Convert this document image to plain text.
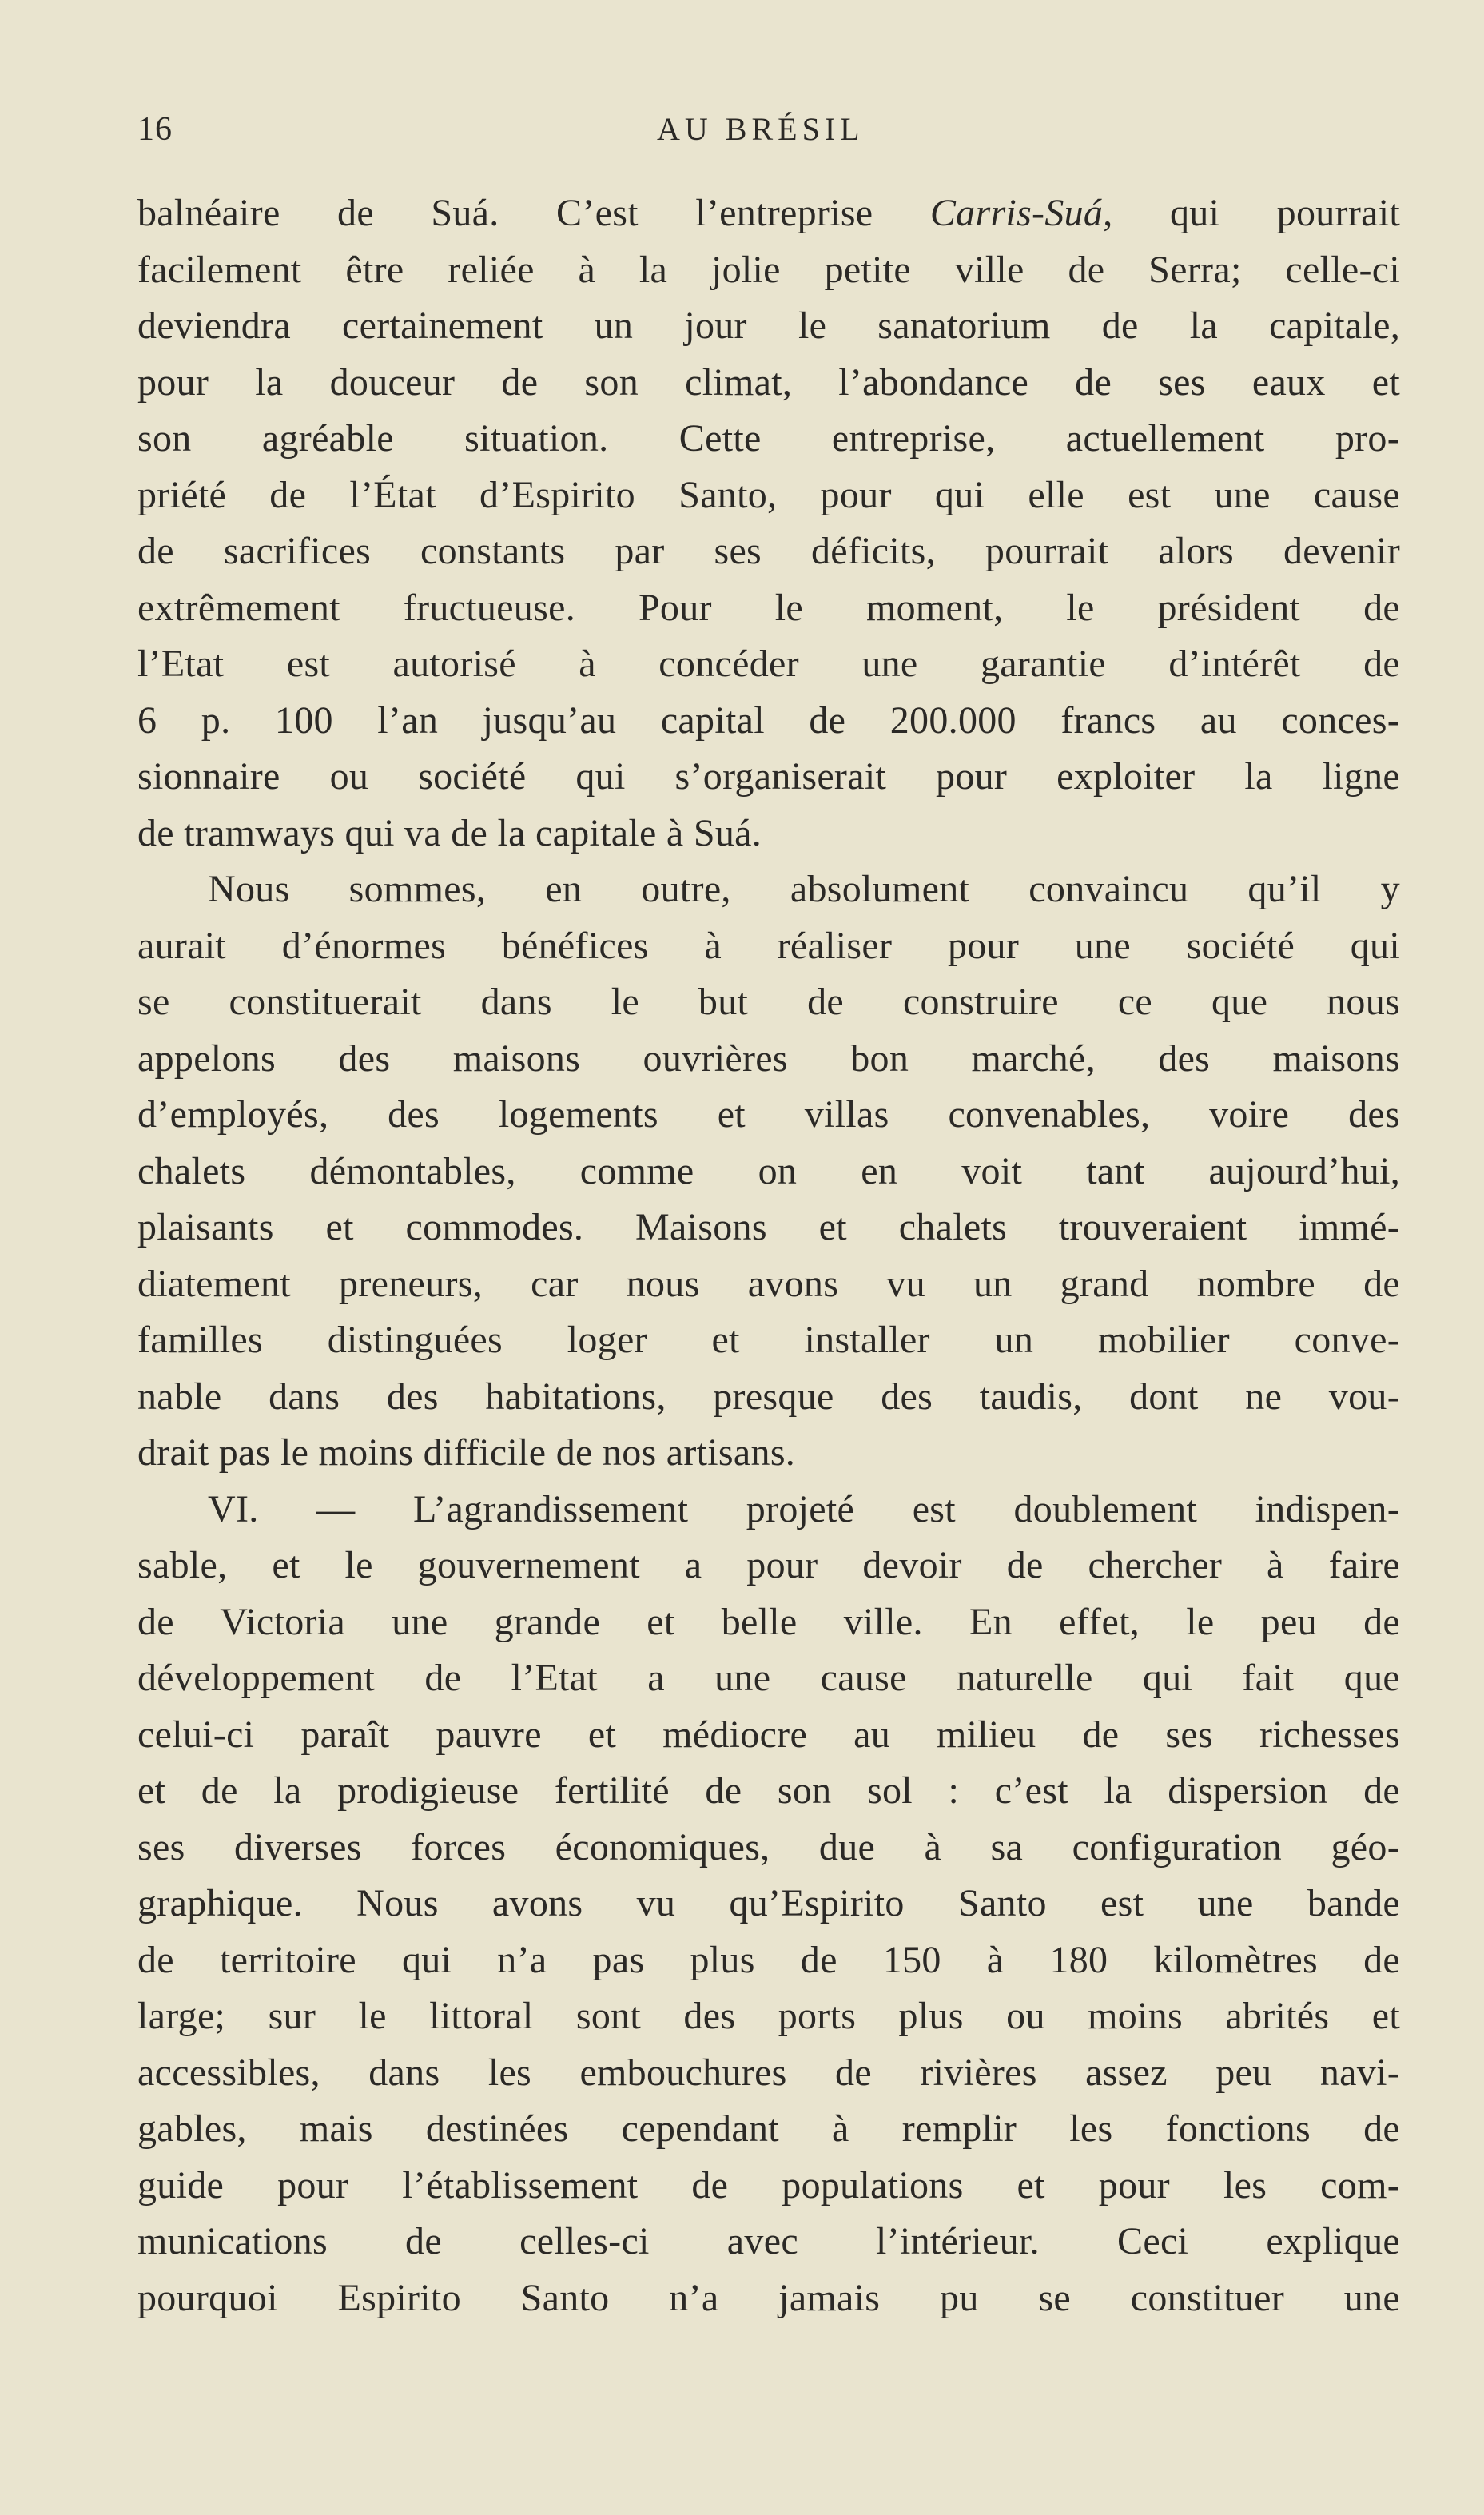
16	AU BRÉSIL
balnéaire de Suá. C’est l’entreprise Carris-Suá, qui pourrait
facilement être reliée à la jolie petite ville de Serra; celle-ci
deviendra certainement un jour le sanatorium de la capitale,
pour la douceur de son climat, l’abondance de ses eaux et
son agréable situation. Cette entreprise, actuellement pro-
priété de l’État d’Espirito Santo, pour qui elle est une cause
de sacrifices constants par ses déficits, pourrait alors devenir
extrêmement fructueuse. Pour le moment, le président de
l’Etat est autorisé à concéder une garantie d’intérêt de
6 p. 100 l’an jusqu’au capital de 200.000 francs au conces-
sionnaire ou société qui s’organiserait pour exploiter la ligne
de tramways qui va de la capitale à Suá.
Nous sommes, en outre, absolument convaincu qu’il y
aurait d’énormes bénéfices à réaliser pour une société qui
se constituerait dans le but de construire ce que nous
appelons des maisons ouvrières bon marché, des maisons
d’employés, des logements et villas convenables, voire des
chalets démontables, comme on en voit tant aujourd’hui,
plaisants et commodes. Maisons et chalets trouveraient immé-
diatement preneurs, car nous avons vu un grand nombre de
familles distinguées loger et installer un mobilier conve-
nable dans des habitations, presque des taudis, dont ne vou-
drait pas le moins difficile de nos artisans.
VI. — L’agrandissement projeté est doublement indispen-
sable, et le gouvernement a pour devoir de chercher à faire
de Victoria une grande et belle ville. En effet, le peu de
développement de l’Etat a une cause naturelle qui fait que
celui-ci paraît pauvre et médiocre au milieu de ses richesses
et de la prodigieuse fertilité de son sol : c’est la dispersion de
ses diverses forces économiques, due à sa configuration géo-
graphique. Nous avons vu qu’Espirito Santo est une bande
de territoire qui n’a pas plus de 150 à 180 kilomètres de
large; sur le littoral sont des ports plus ou moins abrités et
accessibles, dans les embouchures de rivières assez peu navi-
gables, mais destinées cependant à remplir les fonctions de
guide pour l’établissement de populations et pour les com-
munications de celles-ci avec l’intérieur. Ceci explique
pourquoi Espirito Santo n’a jamais pu se constituer une
